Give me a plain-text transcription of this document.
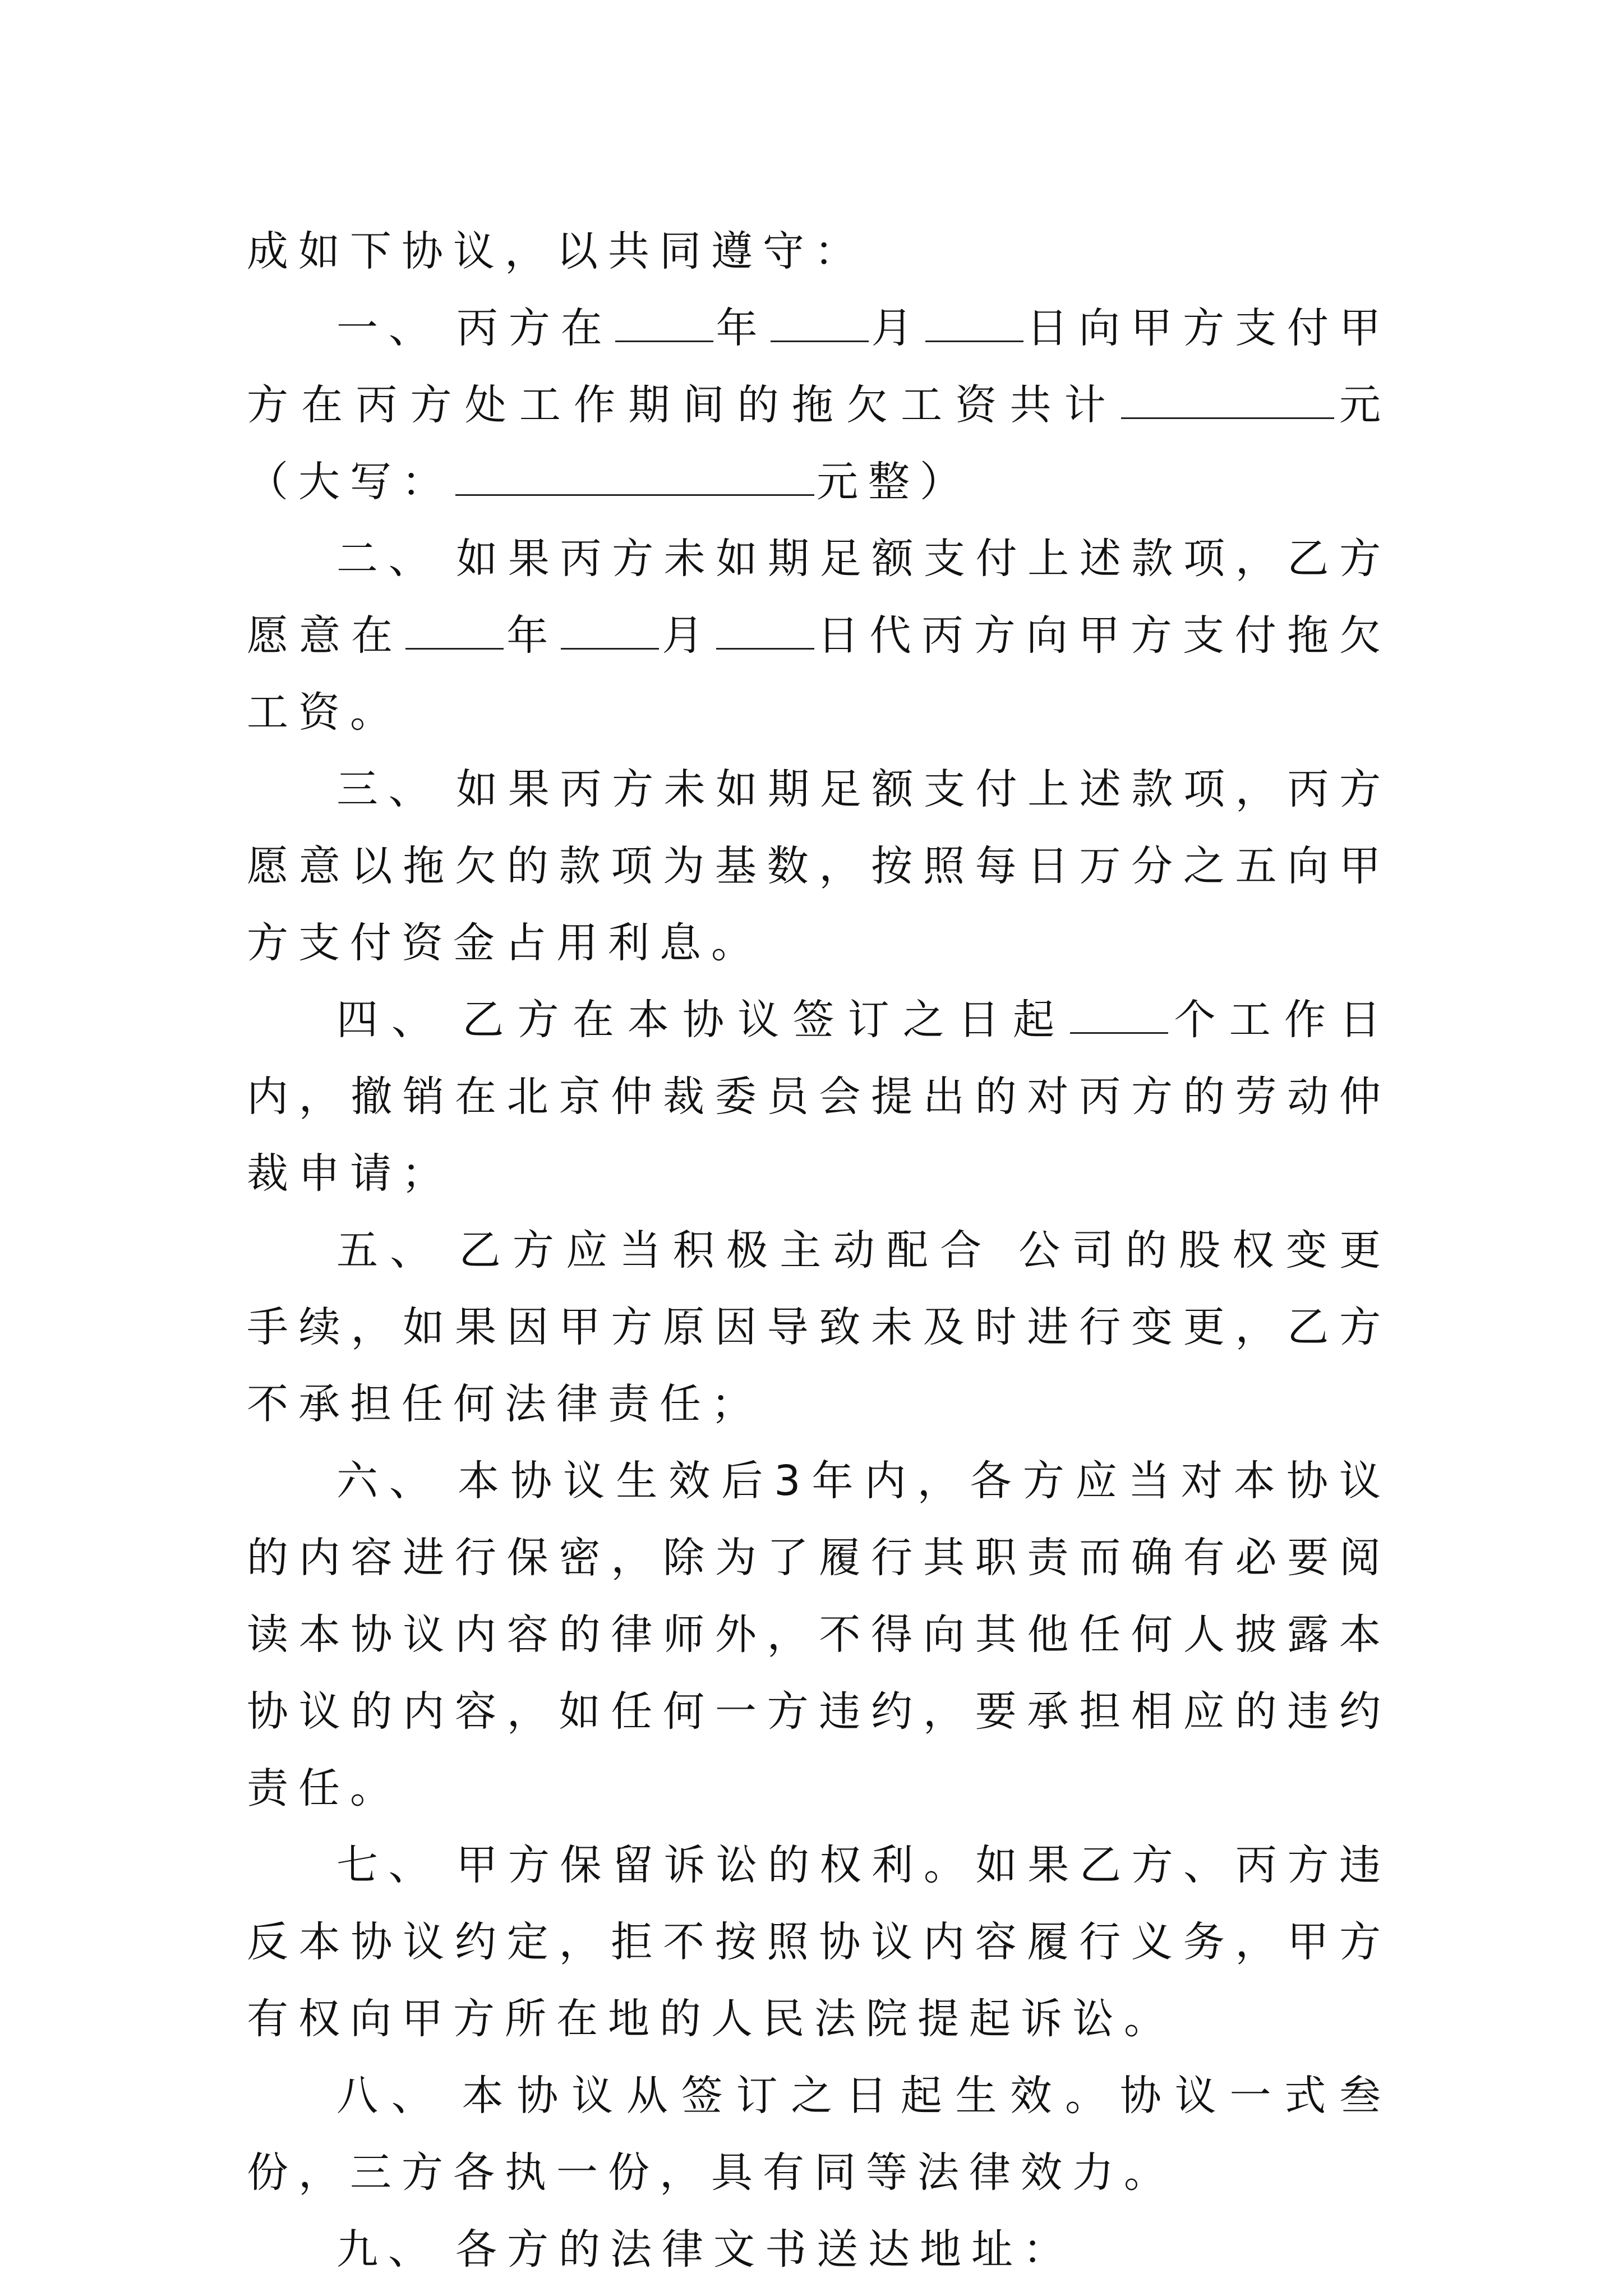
成如下协议，以共同遵守：

一、 丙方在 年 月 日向甲方支付甲方在丙方处工作期间的拖欠工资共计	元（大写：	元整）

二、 如果丙方未如期足额支付上述款项，乙方愿意在 年 月 日代丙方向甲方支付拖欠工资。

三、 如果丙方未如期足额支付上述款项，丙方愿意以拖欠的款项为基数，按照每日万分之五向甲方支付资金占用利息。

四、 乙方在本协议签订之日起 个工作日内，撤销在北京仲裁委员会提出的对丙方的劳动仲裁申请；

五、 乙方应当积极主动配合 公司的股权变更手续，如果因甲方原因导致未及时进行变更，乙方不承担任何法律责任；

六、 本协议生效后3年内，各方应当对本协议的内容进行保密，除为了履行其职责而确有必要阅读本协议内容的律师外，不得向其他任何人披露本协议的内容，如任何一方违约，要承担相应的违约责任。

七、 甲方保留诉讼的权利。如果乙方、丙方违反本协议约定，拒不按照协议内容履行义务，甲方有权向甲方所在地的人民法院提起诉讼。

八、 本协议从签订之日起生效。协议一式叁份，三方各执一份，具有同等法律效力。

九、 各方的法律文书送达地址：
